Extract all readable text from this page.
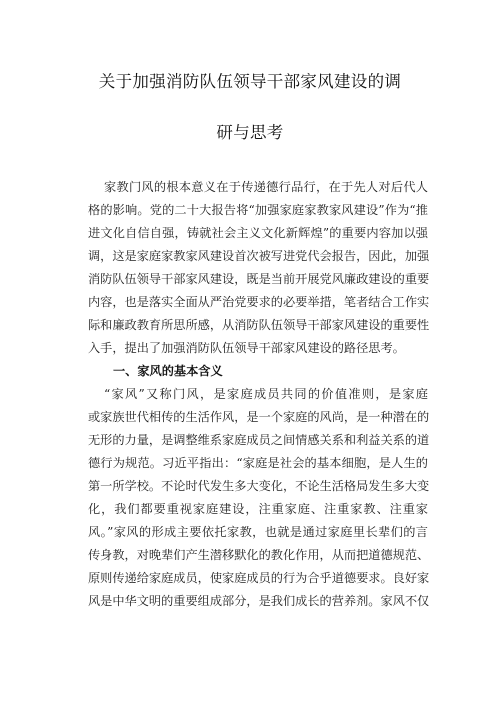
关于加强消防队伍领导干部家风建设的调
研与思考
家教门风的根本意义在于传递德行品行，在于先人对后代人
格的影响。党的二十大报告将“加强家庭家教家风建设”作为“推
进文化自信自强，铸就社会主义文化新辉煌”的重要内容加以强
调，这是家庭家教家风建设首次被写进党代会报告，因此，加强
消防队伍领导干部家风建设，既是当前开展党风廉政建设的重要
内容，也是落实全面从严治党要求的必要举措，笔者结合工作实
际和廉政教育所思所感，从消防队伍领导干部家风建设的重要性
入手，提出了加强消防队伍领导干部家风建设的路径思考。
一、家风的基本含义
“家风”又称门风，是家庭成员共同的价值准则，是家庭
或家族世代相传的生活作风，是一个家庭的风尚，是一种潜在的
无形的力量，是调整维系家庭成员之间情感关系和利益关系的道
德行为规范。习近平指出：“家庭是社会的基本细胞，是人生的
第一所学校。不论时代发生多大变化，不论生活格局发生多大变
化，我们都要重视家庭建设，注重家庭、注重家教、注重家
风。”家风的形成主要依托家教，也就是通过家庭里长辈们的言
传身教，对晚辈们产生潜移默化的教化作用，从而把道德规范、
原则传递给家庭成员，使家庭成员的行为合乎道德要求。良好家
风是中华文明的重要组成部分，是我们成长的营养剂。家风不仅
